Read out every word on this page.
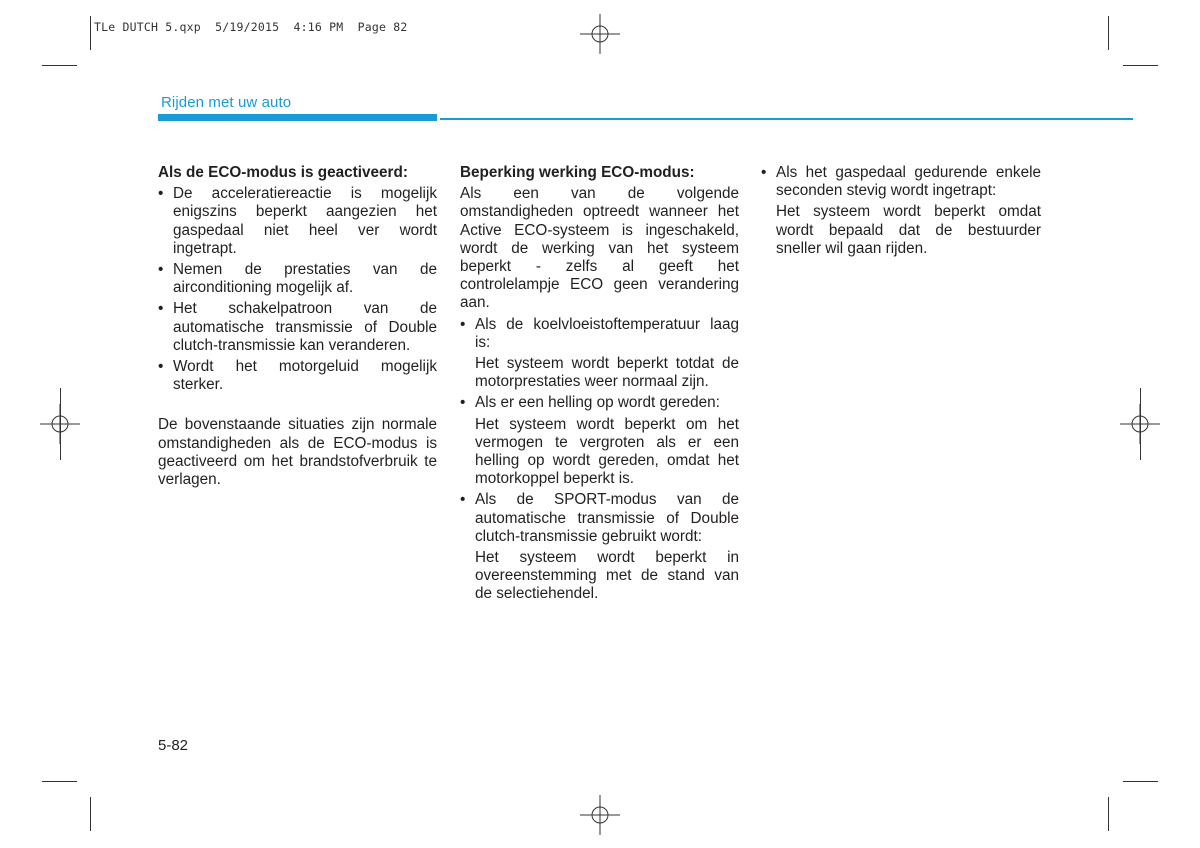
TLe DUTCH 5.qxp  5/19/2015  4:16 PM  Page 82
Rijden met uw auto
Als de ECO-modus is geactiveerd:
• De acceleratiereactie is mogelijk enigszins beperkt aangezien het gaspedaal niet heel ver wordt ingetrapt.
• Nemen de prestaties van de airconditioning mogelijk af.
• Het schakelpatroon van de automatische transmissie of Double clutch-transmissie kan veranderen.
• Wordt het motorgeluid mogelijk sterker.

De bovenstaande situaties zijn normale omstandigheden als de ECO-modus is geactiveerd om het brandstofverbruik te verlagen.

Beperking werking ECO-modus:

Als een van de volgende omstandigheden optreedt wanneer het Active ECO-systeem is ingeschakeld, wordt de werking van het systeem beperkt - zelfs al geeft het controlelampje ECO geen verandering aan.

• Als de koelvloeistoftemperatuur laag is:
Het systeem wordt beperkt totdat de motorprestaties weer normaal zijn.
• Als er een helling op wordt gereden:
Het systeem wordt beperkt om het vermogen te vergroten als er een helling op wordt gereden, omdat het motorkoppel beperkt is.
• Als de SPORT-modus van de automatische transmissie of Double clutch-transmissie gebruikt wordt:
Het systeem wordt beperkt in overeenstemming met de stand van de selectiehendel.
• Als het gaspedaal gedurende enkele seconden stevig wordt ingetrapt:
Het systeem wordt beperkt omdat wordt bepaald dat de bestuurder sneller wil gaan rijden.
5-82
